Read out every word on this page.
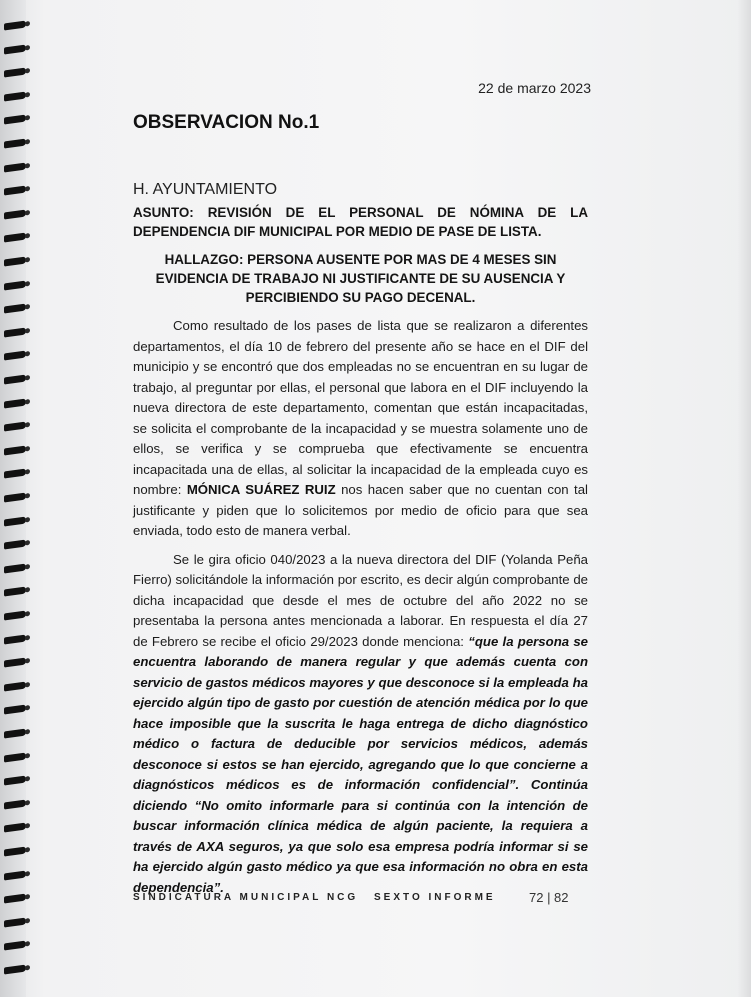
22 de marzo 2023
OBSERVACION No.1
H. AYUNTAMIENTO
ASUNTO: REVISIÓN DE EL PERSONAL DE NÓMINA DE LA DEPENDENCIA DIF MUNICIPAL POR MEDIO DE PASE DE LISTA.
HALLAZGO: PERSONA AUSENTE POR MAS DE 4 MESES SIN
EVIDENCIA DE TRABAJO NI JUSTIFICANTE DE SU AUSENCIA Y
PERCIBIENDO SU PAGO DECENAL.

Como resultado de los pases de lista que se realizaron a diferentes departamentos, el día 10 de febrero del presente año se hace en el DIF del municipio y se encontró que dos empleadas no se encuentran en su lugar de trabajo, al preguntar por ellas, el personal que labora en el DIF incluyendo la nueva directora de este departamento, comentan que están incapacitadas, se solicita el comprobante de la incapacidad y se muestra solamente uno de ellos, se verifica y se comprueba que efectivamente se encuentra incapacitada una de ellas, al solicitar la incapacidad de la empleada cuyo es nombre: MÓNICA SUÁREZ RUIZ nos hacen saber que no cuentan con tal justificante y piden que lo solicitemos por medio de oficio para que sea enviada, todo esto de manera verbal.

Se le gira oficio 040/2023 a la nueva directora del DIF (Yolanda Peña Fierro) solicitándole la información por escrito, es decir algún comprobante de dicha incapacidad que desde el mes de octubre del año 2022 no se presentaba la persona antes mencionada a laborar. En respuesta el día 27 de Febrero se recibe el oficio 29/2023 donde menciona: “que la persona se encuentra laborando de manera regular y que además cuenta con servicio de gastos médicos mayores y que desconoce si la empleada ha ejercido algún tipo de gasto por cuestión de atención médica por lo que hace imposible que la suscrita le haga entrega de dicho diagnóstico médico o factura de deducible por servicios médicos, además desconoce si estos se han ejercido, agregando que lo que concierne a diagnósticos médicos es de información confidencial”. Continúa diciendo “No omito informarle para si continúa con la intención de buscar información clínica médica de algún paciente, la requiera a través de AXA seguros, ya que solo esa empresa podría informar si se ha ejercido algún gasto médico ya que esa información no obra en esta dependencia”.

SINDICATURA MUNICIPAL NCG SEXTO INFORME	72 | 82
